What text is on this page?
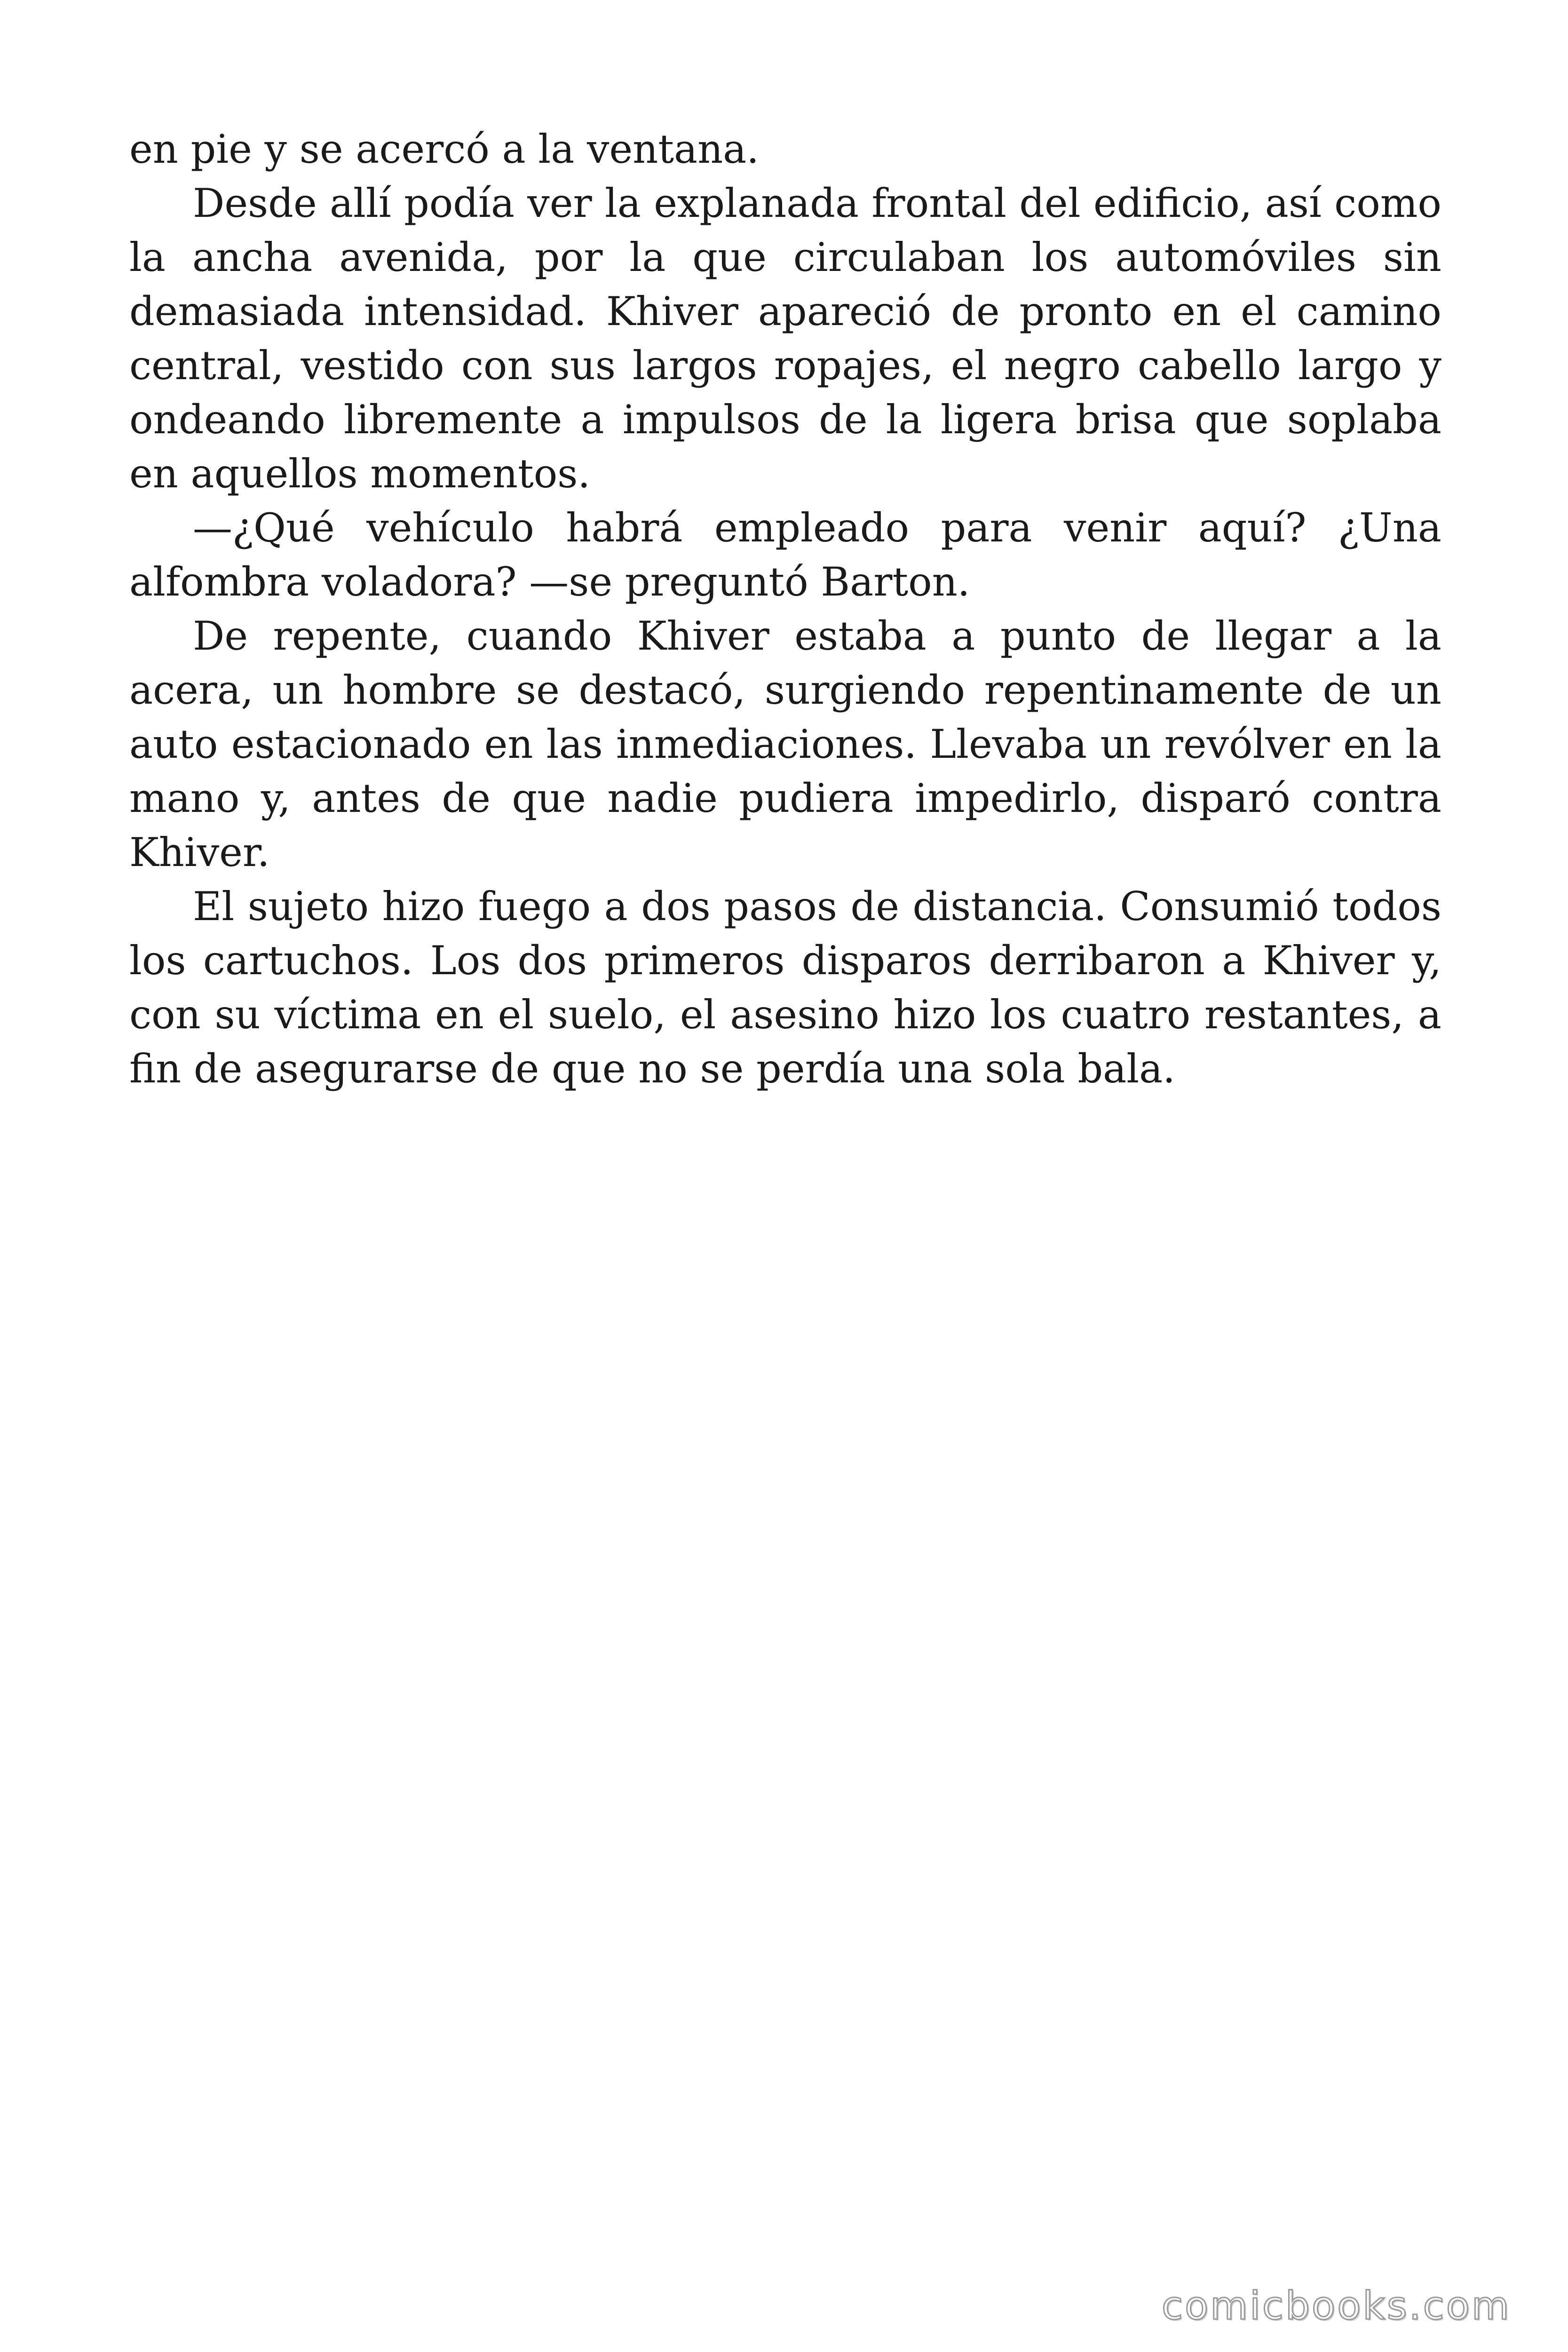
en pie y se acercó a la ventana.

Desde allí podía ver la explanada frontal del edificio, así como la ancha avenida, por la que circulaban los automóviles sin demasiada intensidad. Khiver apareció de pronto en el camino central, vestido con sus largos ropajes, el negro cabello largo y ondeando libremente a impulsos de la ligera brisa que soplaba en aquellos momentos.

—¿Qué vehículo habrá empleado para venir aquí? ¿Una alfombra voladora? —se preguntó Barton.

De repente, cuando Khiver estaba a punto de llegar a la acera, un hombre se destacó, surgiendo repentinamente de un auto estacionado en las inmediaciones. Llevaba un revólver en la mano y, antes de que nadie pudiera impedirlo, disparó contra Khiver.

El sujeto hizo fuego a dos pasos de distancia. Consumió todos los cartuchos. Los dos primeros disparos derribaron a Khiver y, con su víctima en el suelo, el asesino hizo los cuatro restantes, a fin de asegurarse de que no se perdía una sola bala.

comicbooks.com
